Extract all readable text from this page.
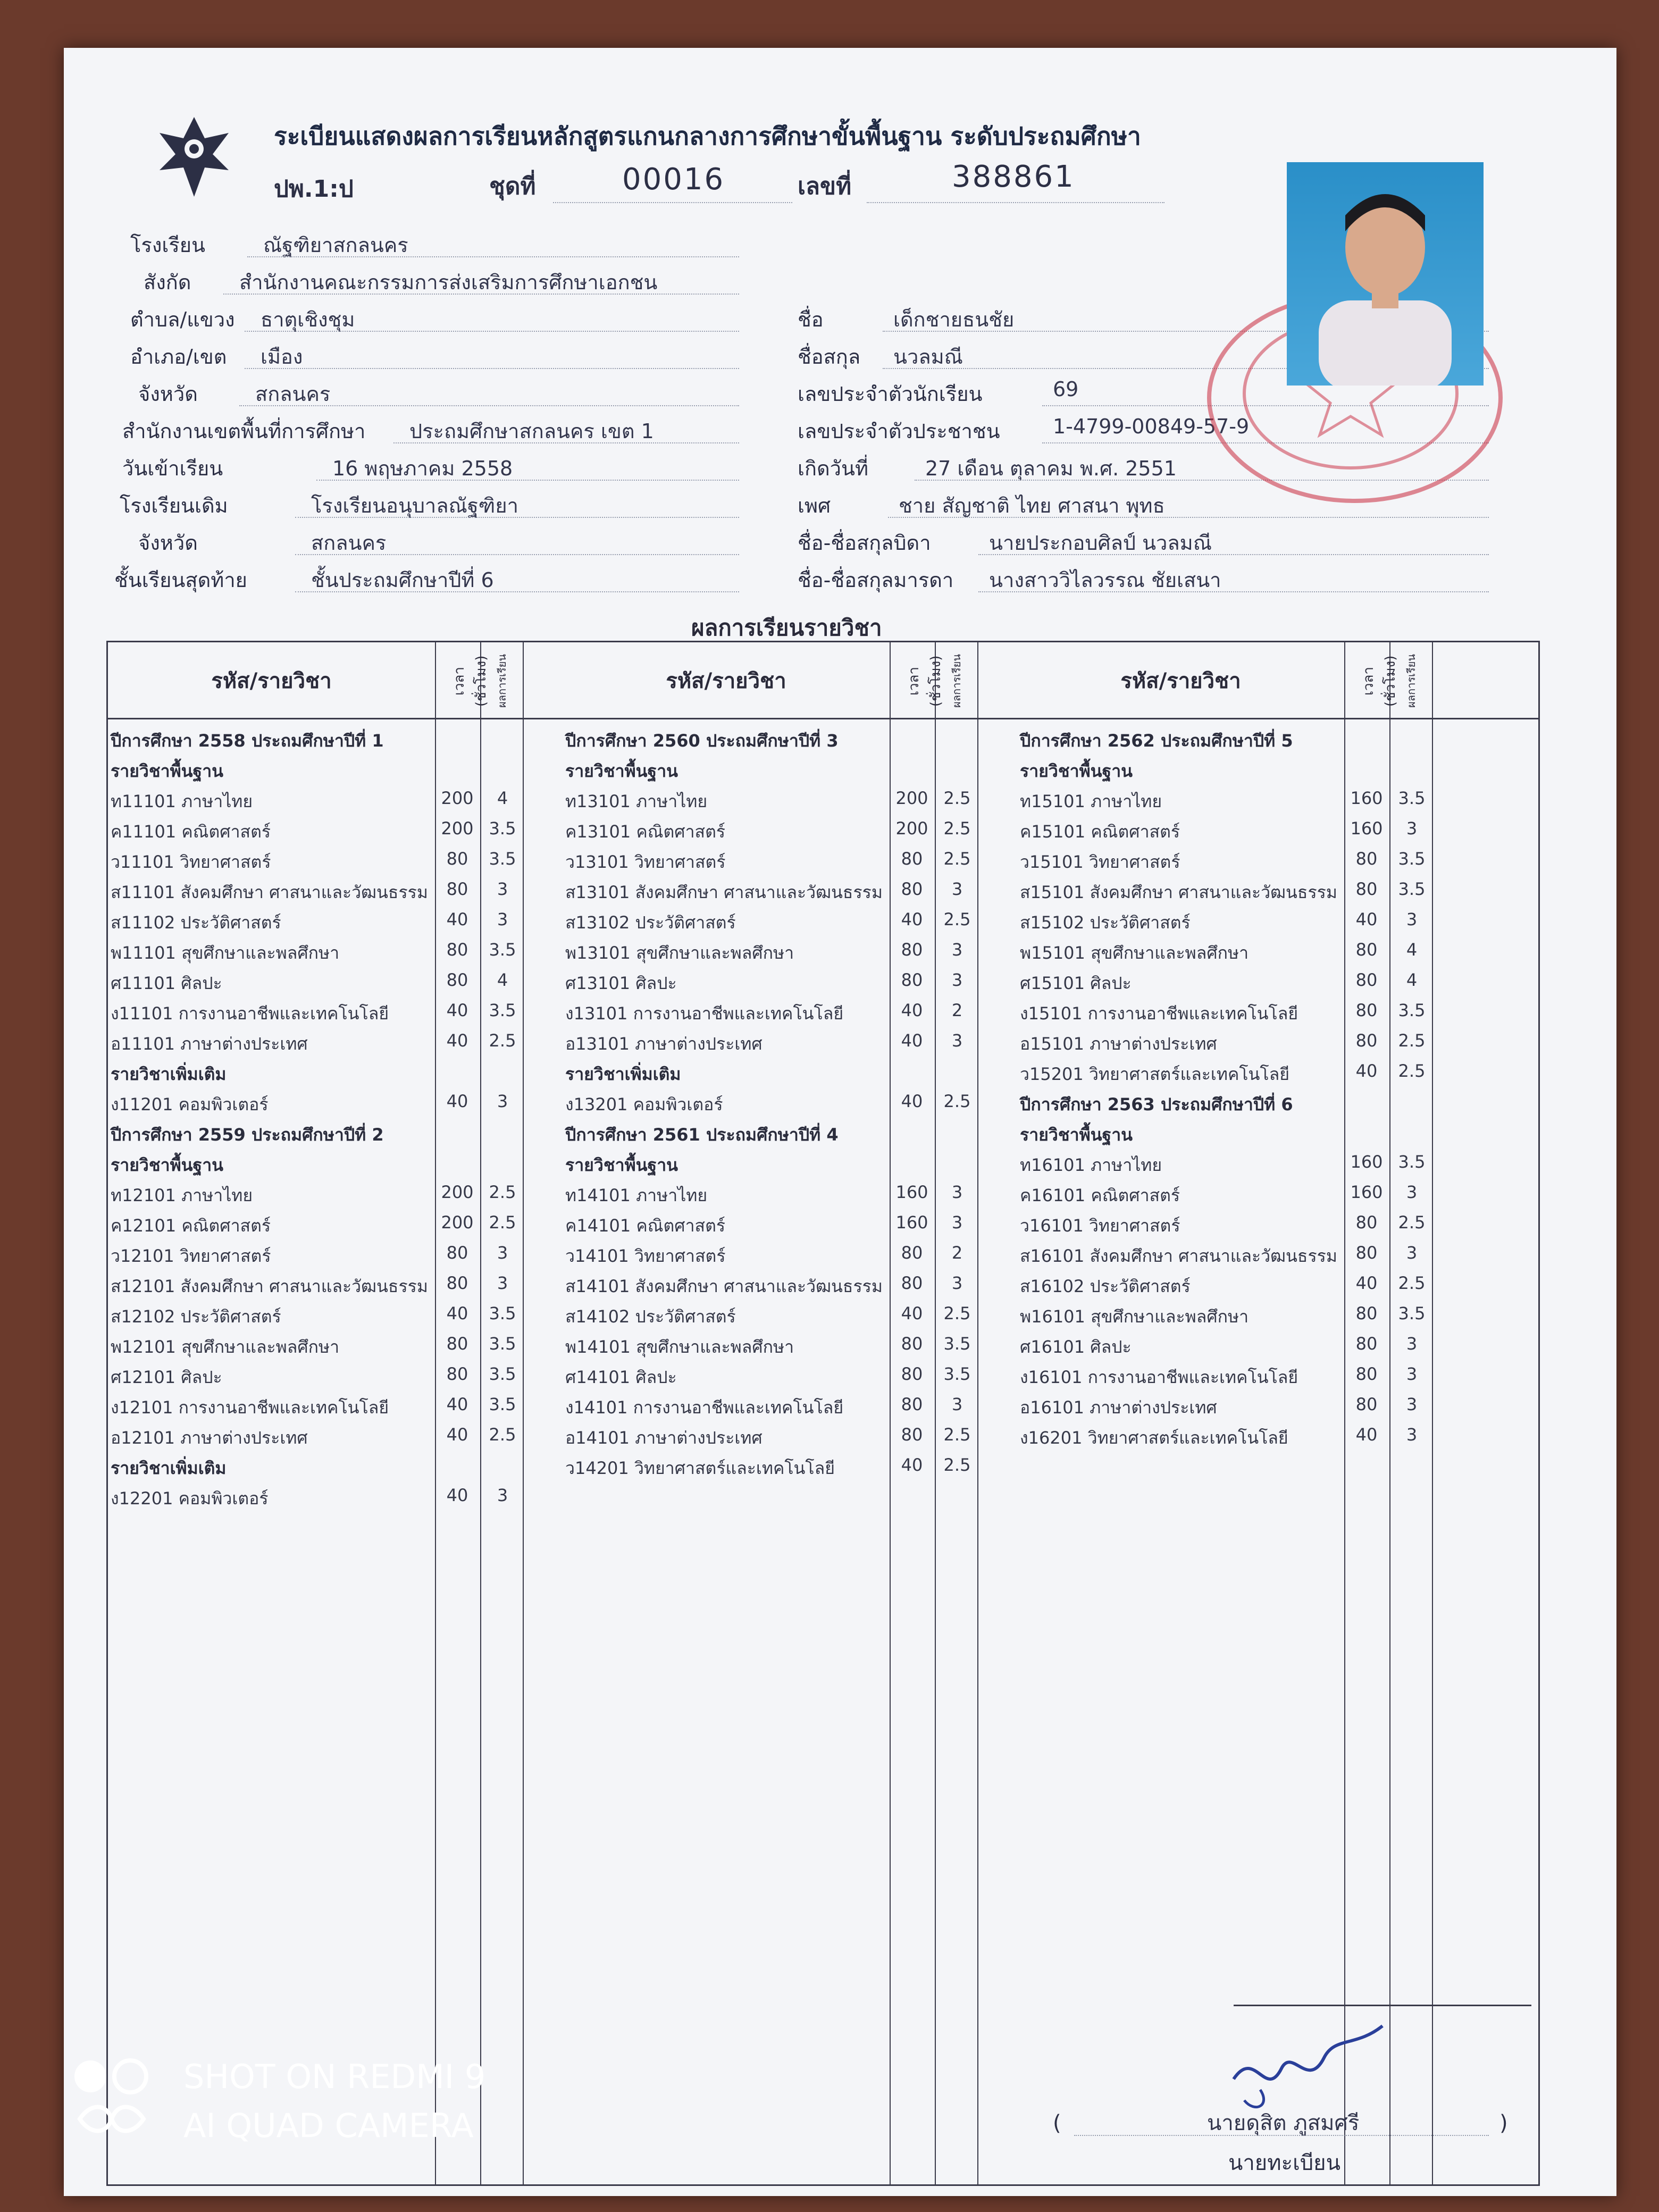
ระเบียนแสดงผลการเรียนหลักสูตรแกนกลางการศึกษาขั้นพื้นฐาน ระดับประถมศึกษา
ปพ.1:ป	ชุดที่	00016	เลขที่	388861
โรงเรียน	ณัฐฑิยาสกลนคร
สังกัด สำนักงานคณะกรรมการส่งเสริมการศึกษาเอกชน
ตำบล/แขวง ธาตุเชิงชุม
อำเภอ/เขต เมือง
จังหวัด	สกลนคร
สำนักงานเขตพื้นที่การศึกษา ประถมศึกษาสกลนคร เขต 1
วันเข้าเรียน	16 พฤษภาคม 2558
โรงเรียนเดิม	โรงเรียนอนุบาลณัฐฑิยา
จังหวัด	สกลนคร
ชั้นเรียนสุดท้าย	ชั้นประถมศึกษาปีที่ 6
ชื่อ	เด็กชายธนชัย
ชื่อสกุล นวลมณี
เลขประจำตัวนักเรียน	69
เลขประจำตัวประชาชน	1-4799-00849-57-9
เกิดวันที่	27 เดือน ตุลาคม พ.ศ. 2551
เพศ	ชาย สัญชาติ ไทย ศาสนา พุทธ
ชื่อ-ชื่อสกุลบิดา	นายประกอบศิลป์ นวลมณี
ชื่อ-ชื่อสกุลมารดา นางสาววิไลวรรณ ชัยเสนา
ผลการเรียนรายวิชา
รหัส/รายวิชา	เวลา (ชั่วโมง) ผลการเรียน
ปีการศึกษา 2558 ประถมศึกษาปีที่ 1
รายวิชาพื้นฐาน
ท11101 ภาษาไทย	200	4
ค11101 คณิตศาสตร์	200 3.5
ว11101 วิทยาศาสตร์	80	3.5
ส11101 สังคมศึกษา ศาสนาและวัฒนธรรม	80	3
ส11102 ประวัติศาสตร์	40	3
พ11101 สุขศึกษาและพลศึกษา	80	3.5
ศ11101 ศิลปะ	80	4
ง11101 การงานอาชีพและเทคโนโลยี	40	3.5
อ11101 ภาษาต่างประเทศ	40	2.5
รายวิชาเพิ่มเติม
ง11201 คอมพิวเตอร์	40	3
ปีการศึกษา 2559 ประถมศึกษาปีที่ 2
รายวิชาพื้นฐาน
ท12101 ภาษาไทย	200 2.5
ค12101 คณิตศาสตร์	200 2.5
ว12101 วิทยาศาสตร์	80	3
ส12101 สังคมศึกษา ศาสนาและวัฒนธรรม	80	3
ส12102 ประวัติศาสตร์	40	3.5
พ12101 สุขศึกษาและพลศึกษา	80	3.5
ศ12101 ศิลปะ	80	3.5
ง12101 การงานอาชีพและเทคโนโลยี	40	3.5
อ12101 ภาษาต่างประเทศ	40	2.5
รายวิชาเพิ่มเติม
ง12201 คอมพิวเตอร์	40	3
รหัส/รายวิชา	เวลา (ชั่วโมง) ผลการเรียน
ปีการศึกษา 2560 ประถมศึกษาปีที่ 3
รายวิชาพื้นฐาน
ท13101 ภาษาไทย	200 2.5
ค13101 คณิตศาสตร์	200 2.5
ว13101 วิทยาศาสตร์	80	2.5
ส13101 สังคมศึกษา ศาสนาและวัฒนธรรม	80	3
ส13102 ประวัติศาสตร์	40	2.5
พ13101 สุขศึกษาและพลศึกษา	80	3
ศ13101 ศิลปะ	80	3
ง13101 การงานอาชีพและเทคโนโลยี	40	2
อ13101 ภาษาต่างประเทศ	40	3
รายวิชาเพิ่มเติม
ง13201 คอมพิวเตอร์	40	2.5
ปีการศึกษา 2561 ประถมศึกษาปีที่ 4
รายวิชาพื้นฐาน
ท14101 ภาษาไทย	160	3
ค14101 คณิตศาสตร์	160	3
ว14101 วิทยาศาสตร์	80	2
ส14101 สังคมศึกษา ศาสนาและวัฒนธรรม	80	3
ส14102 ประวัติศาสตร์	40	2.5
พ14101 สุขศึกษาและพลศึกษา	80	3.5
ศ14101 ศิลปะ	80	3.5
ง14101 การงานอาชีพและเทคโนโลยี	80	3
อ14101 ภาษาต่างประเทศ	80	2.5
ว14201 วิทยาศาสตร์และเทคโนโลยี	40	2.5
รหัส/รายวิชา	เวลา (ชั่วโมง) ผลการเรียน
ปีการศึกษา 2562 ประถมศึกษาปีที่ 5
รายวิชาพื้นฐาน
ท15101 ภาษาไทย	160 3.5
ค15101 คณิตศาสตร์	160	3
ว15101 วิทยาศาสตร์	80	3.5
ส15101 สังคมศึกษา ศาสนาและวัฒนธรรม	80	3.5
ส15102 ประวัติศาสตร์	40	3
พ15101 สุขศึกษาและพลศึกษา	80	4
ศ15101 ศิลปะ	80	4
ง15101 การงานอาชีพและเทคโนโลยี	80	3.5
อ15101 ภาษาต่างประเทศ	80	2.5
ว15201 วิทยาศาสตร์และเทคโนโลยี	40	2.5
ปีการศึกษา 2563 ประถมศึกษาปีที่ 6
รายวิชาพื้นฐาน
ท16101 ภาษาไทย	160 3.5
ค16101 คณิตศาสตร์	160	3
ว16101 วิทยาศาสตร์	80	2.5
ส16101 สังคมศึกษา ศาสนาและวัฒนธรรม	80	3
ส16102 ประวัติศาสตร์	40	2.5
พ16101 สุขศึกษาและพลศึกษา	80	3.5
ศ16101 ศิลปะ	80	3
ง16101 การงานอาชีพและเทคโนโลยี	80	3
อ16101 ภาษาต่างประเทศ	80	3
ง16201 วิทยาศาสตร์และเทคโนโลยี	40	3
(	นายดุสิต ภูสมศรี	)
นายทะเบียน
SHOT ON REDMI 9
AI QUAD CAMERA
